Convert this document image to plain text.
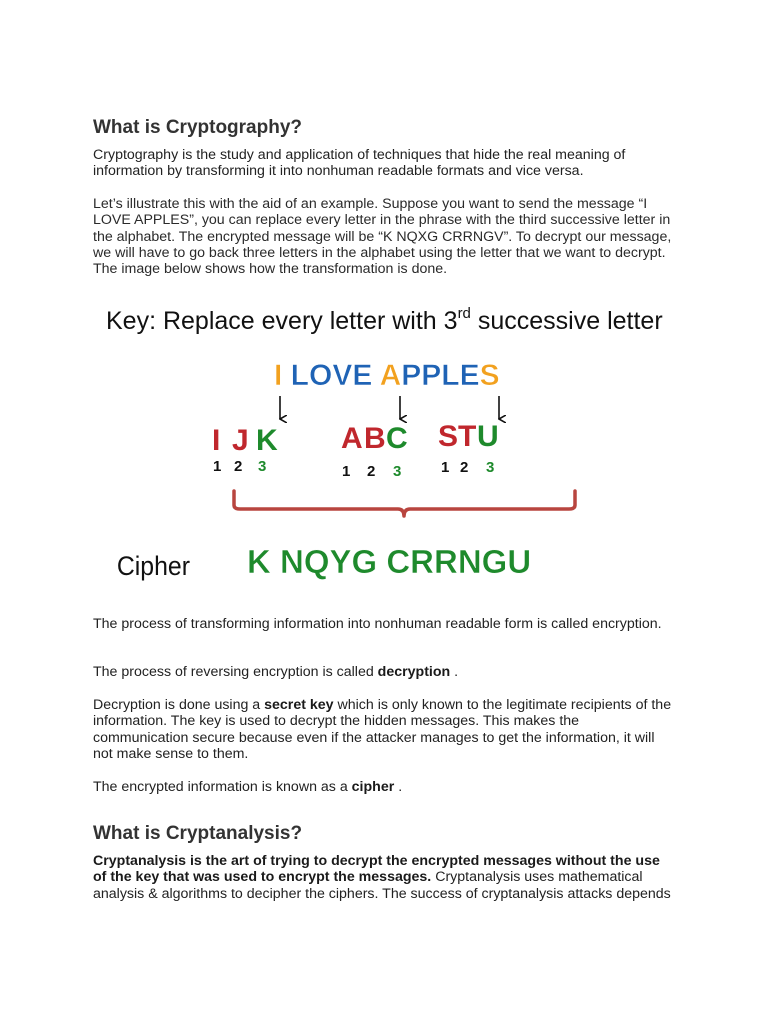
What is Cryptography?

Cryptography is the study and application of techniques that hide the real meaning of information by transforming it into nonhuman readable formats and vice versa.

Let’s illustrate this with the aid of an example. Suppose you want to send the message “I LOVE APPLES”, you can replace every letter in the phrase with the third successive letter in the alphabet. The encrypted message will be “K NQXG CRRNGV”. To decrypt our message, we will have to go back three letters in the alphabet using the letter that we want to decrypt. The image below shows how the transformation is done.

The process of transforming information into nonhuman readable form is called encryption.

The process of reversing encryption is called decryption .

Decryption is done using a secret key which is only known to the legitimate recipients of the information. The key is used to decrypt the hidden messages. This makes the communication secure because even if the attacker manages to get the information, it will not make sense to them.

The encrypted information is known as a cipher .

What is Cryptanalysis?

Cryptanalysis is the art of trying to decrypt the encrypted messages without the use of the key that was used to encrypt the messages. Cryptanalysis uses mathematical analysis & algorithms to decipher the ciphers. The success of cryptanalysis attacks depends

Key: Replace every letter with 3rd successive letter
I LOVE APPLES
I J K
1 2 3
A B C
1 2 3
S T U
1 2 3
Cipher K NQYG CRRNGU
